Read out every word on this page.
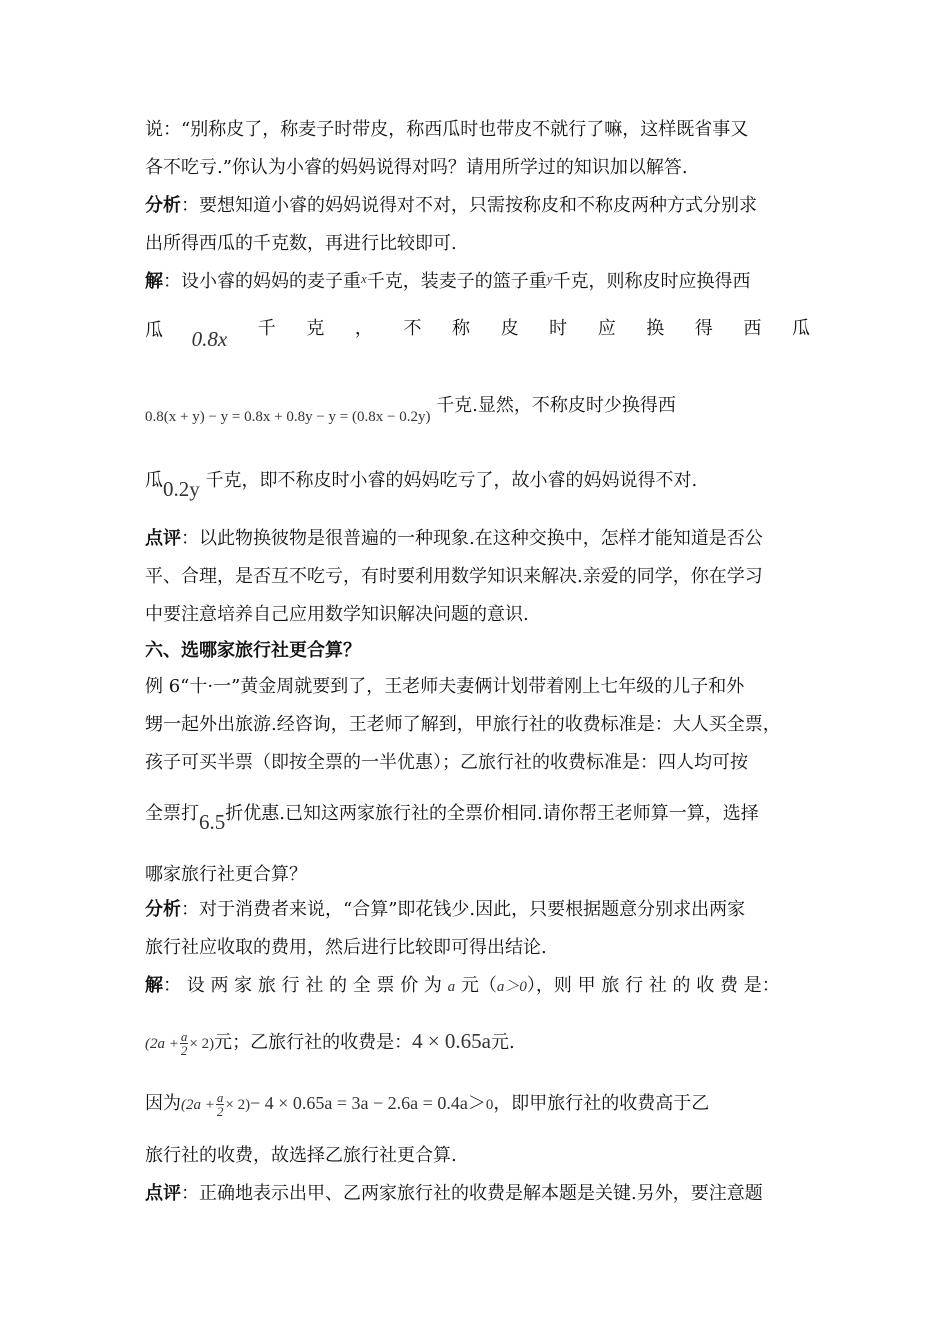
说：“别称皮了，称麦子时带皮，称西瓜时也带皮不就行了嘛，这样既省事又
各不吃亏.”你认为小睿的妈妈说得对吗？请用所学过的知识加以解答.
分析：要想知道小睿的妈妈说得对不对，只需按称皮和不称皮两种方式分别求
出所得西瓜的千克数，再进行比较即可.
解：设小睿的妈妈的麦子重$^x$千克，装麦子的篮子重$^y$千克，则称皮时应换得西
瓜 0.8x 千 克 ， 不 称 皮 时 应 换 得 西 瓜
$_{0.8(x + y) - y = 0.8x + 0.8y - y = (0.8x - 0.2y)}$ 千克.显然，不称皮时少换得西
瓜0.2y 千克，即不称皮时小睿的妈妈吃亏了，故小睿的妈妈说得不对.
点评：以此物换彼物是很普遍的一种现象.在这种交换中，怎样才能知道是否公
平、合理，是否互不吃亏，有时要利用数学知识来解决.亲爱的同学，你在学习
中要注意培养自己应用数学知识解决问题的意识.
六、选哪家旅行社更合算？
例 6“十·一”黄金周就要到了，王老师夫妻俩计划带着刚上七年级的儿子和外
甥一起外出旅游.经咨询，王老师了解到，甲旅行社的收费标准是：大人买全票，
孩子可买半票（即按全票的一半优惠）；乙旅行社的收费标准是：四人均可按
全票打6.5折优惠.已知这两家旅行社的全票价相同.请你帮王老师算一算，选择
哪家旅行社更合算？
分析：对于消费者来说，“合算”即花钱少.因此，只要根据题意分别求出两家
旅行社应收取的费用，然后进行比较即可得出结论.
解： 设 两 家 旅 行 社 的 全 票 价 为 a 元（a＞0），则 甲 旅 行 社 的 收 费 是：
$(2a + \frac{a}{2} \times 2)$元；乙旅行社的收费是：4 × 0.65a元.
因为$(2a + \frac{a}{2} \times 2)- 4 \times 0.65a = 3a - 2.6a = 0.4a>0$，即甲旅行社的收费高于乙
旅行社的收费，故选择乙旅行社更合算.
点评：正确地表示出甲、乙两家旅行社的收费是解本题是关键.另外，要注意题
